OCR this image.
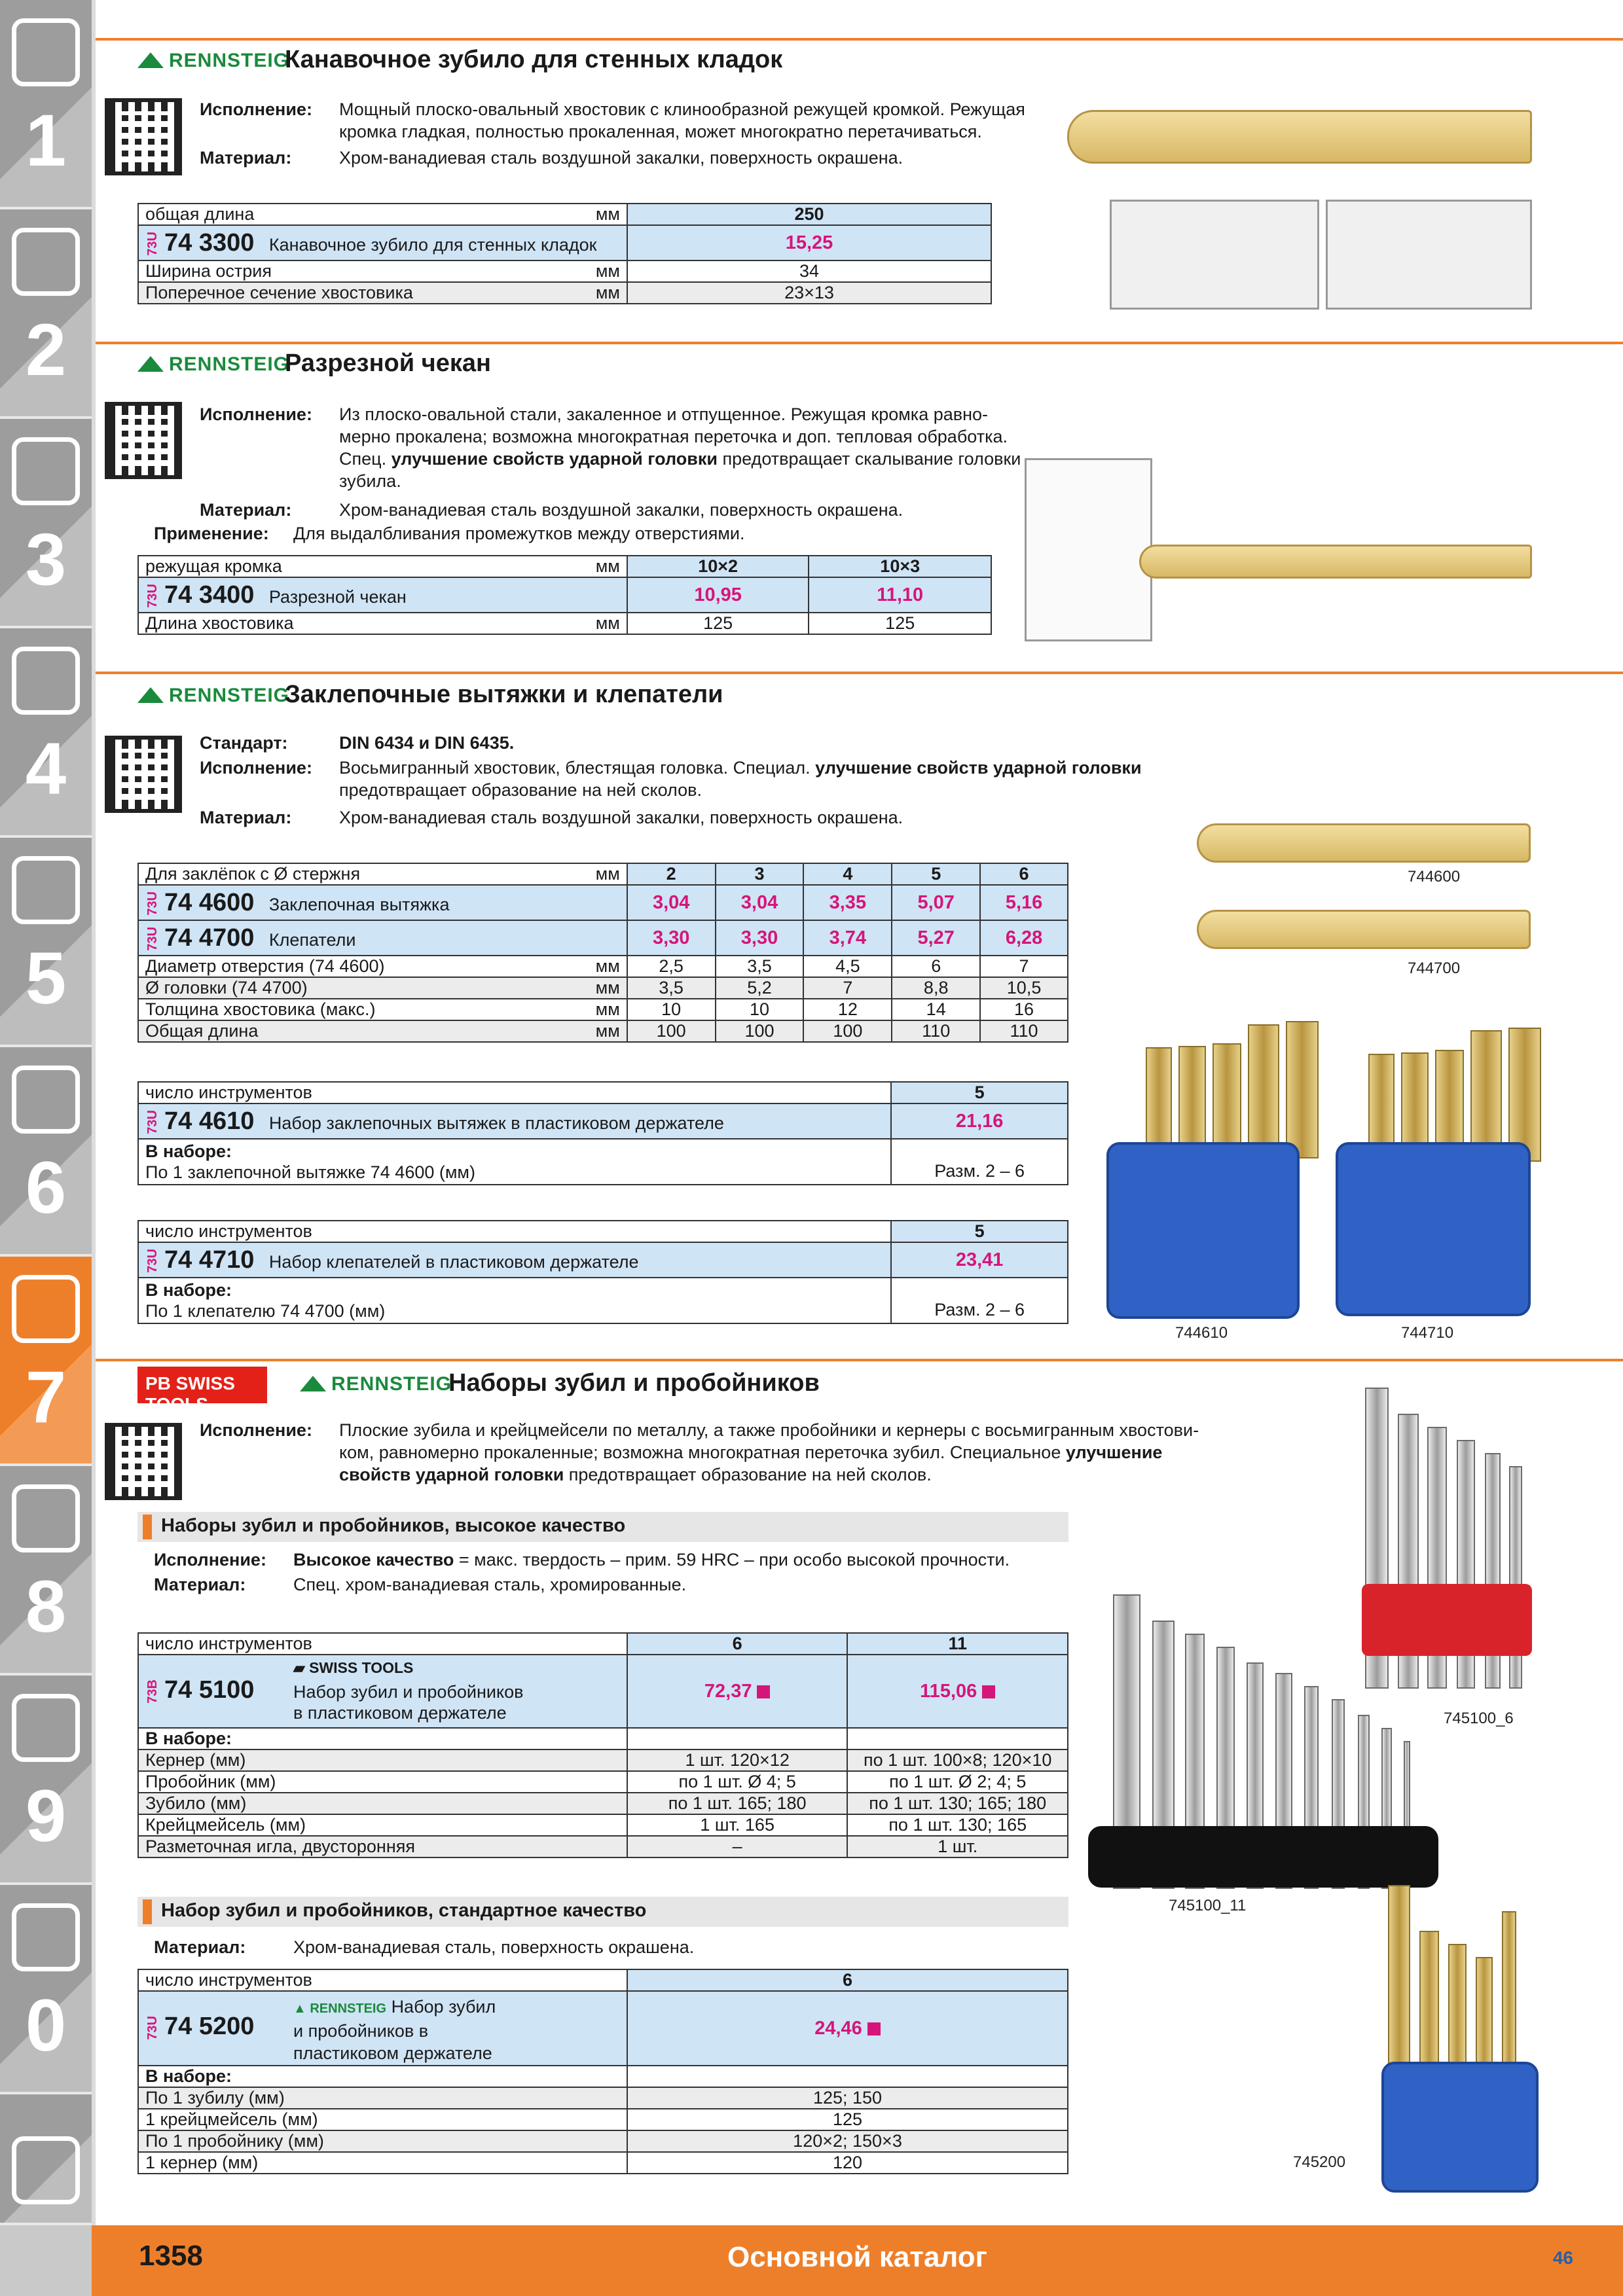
1
2
3
4
5
6
7
8
9
0
RENNSTEIG
Канавочное зубило для стенных кладок
Исполнение: Мощный плоско-овальный хвостовик с клинообразной режущей кромкой. Режущая
кромка гладкая, полностью прокаленная, может многократно перетачиваться.
Материал:	Хром-ванадиевая сталь воздушной закалки, поверхность окрашена.
общая длина мм	250
73U 74 3300 Канавочное зубило для стенных кладок	15,25
Ширина острия мм	34
Поперечное сечение хвостовика мм	23×13
RENNSTEIG
Разрезной чекан
Исполнение: Из плоско-овальной стали, закаленное и отпущенное. Режущая кромка равно-
мерно прокалена; возможна многократная переточка и доп. тепловая обработка.
Спец. улучшение свойств ударной головки предотвращает скалывание головки
зубила.
Материал:	Хром-ванадиевая сталь воздушной закалки, поверхность окрашена.
Применение: Для выдалбливания промежутков между отверстиями.
режущая кромка мм	10×2	10×3
73U 74 3400 Разрезной чекан	10,95	11,10
Длина хвостовика мм	125	125
RENNSTEIG
Заклепочные вытяжки и клепатели
Стандарт:	DIN 6434 и DIN 6435.
Исполнение: Восьмигранный хвостовик, блестящая головка. Специал. улучшение свойств ударной головки
предотвращает образование на ней сколов.
Материал:	Хром-ванадиевая сталь воздушной закалки, поверхность окрашена.
Для заклёпок с Ø стержня мм	2	3	4	5	6
73U 74 4600 Заклепочная вытяжка	3,04	3,04	3,35	5,07	5,16
73U 74 4700 Клепатели	3,30	3,30	3,74	5,27	6,28
Диаметр отверстия (74 4600) мм	2,5	3,5	4,5	6	7
Ø головки (74 4700) мм	3,5	5,2	7	8,8	10,5
Толщина хвостовика (макс.) мм	10	10	12	14	16
Общая длина мм	100	100	100	110	110
число инструментов	5
73U 74 4610 Набор заклепочных вытяжек в пластиковом держателе	21,16
В наборе:
По 1 заклепочной вытяжке 74 4600 (мм)	Разм. 2 – 6
число инструментов	5
73U 74 4710 Набор клепателей в пластиковом держателе	23,41
В наборе:
По 1 клепателю 74 4700 (мм)	Разм. 2 – 6
744600
744700
744610	744710
PB SWISS TOOLS
RENNSTEIG
Наборы зубил и пробойников
Исполнение: Плоские зубила и крейцмейсели по металлу, а также пробойники и кернеры с восьмигранным хвостови-
ком, равномерно прокаленные; возможна многократная переточка зубил. Специальное улучшение
свойств ударной головки предотвращает образование на ней сколов.
Наборы зубил и пробойников, высокое качество
Исполнение: Высокое качество = макс. твердость – прим. 59 HRC – при особо высокой прочности.
Материал:	Спец. хром-ванадиевая сталь, хромированные.
число инструментов	6	11

73B 74 5100
▰ SWISS TOOLS
Набор зубил и пробойников
в пластиковом держателе	72,37	115,06
В наборе:		
Кернер (мм)	1 шт. 120×12	по 1 шт. 100×8; 120×10
Пробойник (мм)	по 1 шт. Ø 4; 5	по 1 шт. Ø 2; 4; 5
Зубило (мм)	по 1 шт. 165; 180	по 1 шт. 130; 165; 180
Крейцмейсель (мм)	1 шт. 165	по 1 шт. 130; 165
Разметочная игла, двусторонняя	–	1 шт.
Набор зубил и пробойников, стандартное качество
Материал:	Хром-ванадиевая сталь, поверхность окрашена.
число инструментов	6

73U 74 5200
▲ RENNSTEIG Набор зубил
и пробойников в
пластиковом держателе	24,46
В наборе:	
По 1 зубилу (мм)	125; 150
1 крейцмейсель (мм)	125
По 1 пробойнику (мм)	120×2; 150×3
1 кернер (мм)	120
745100_6
745100_11
745200
1358	Основной каталог	46
